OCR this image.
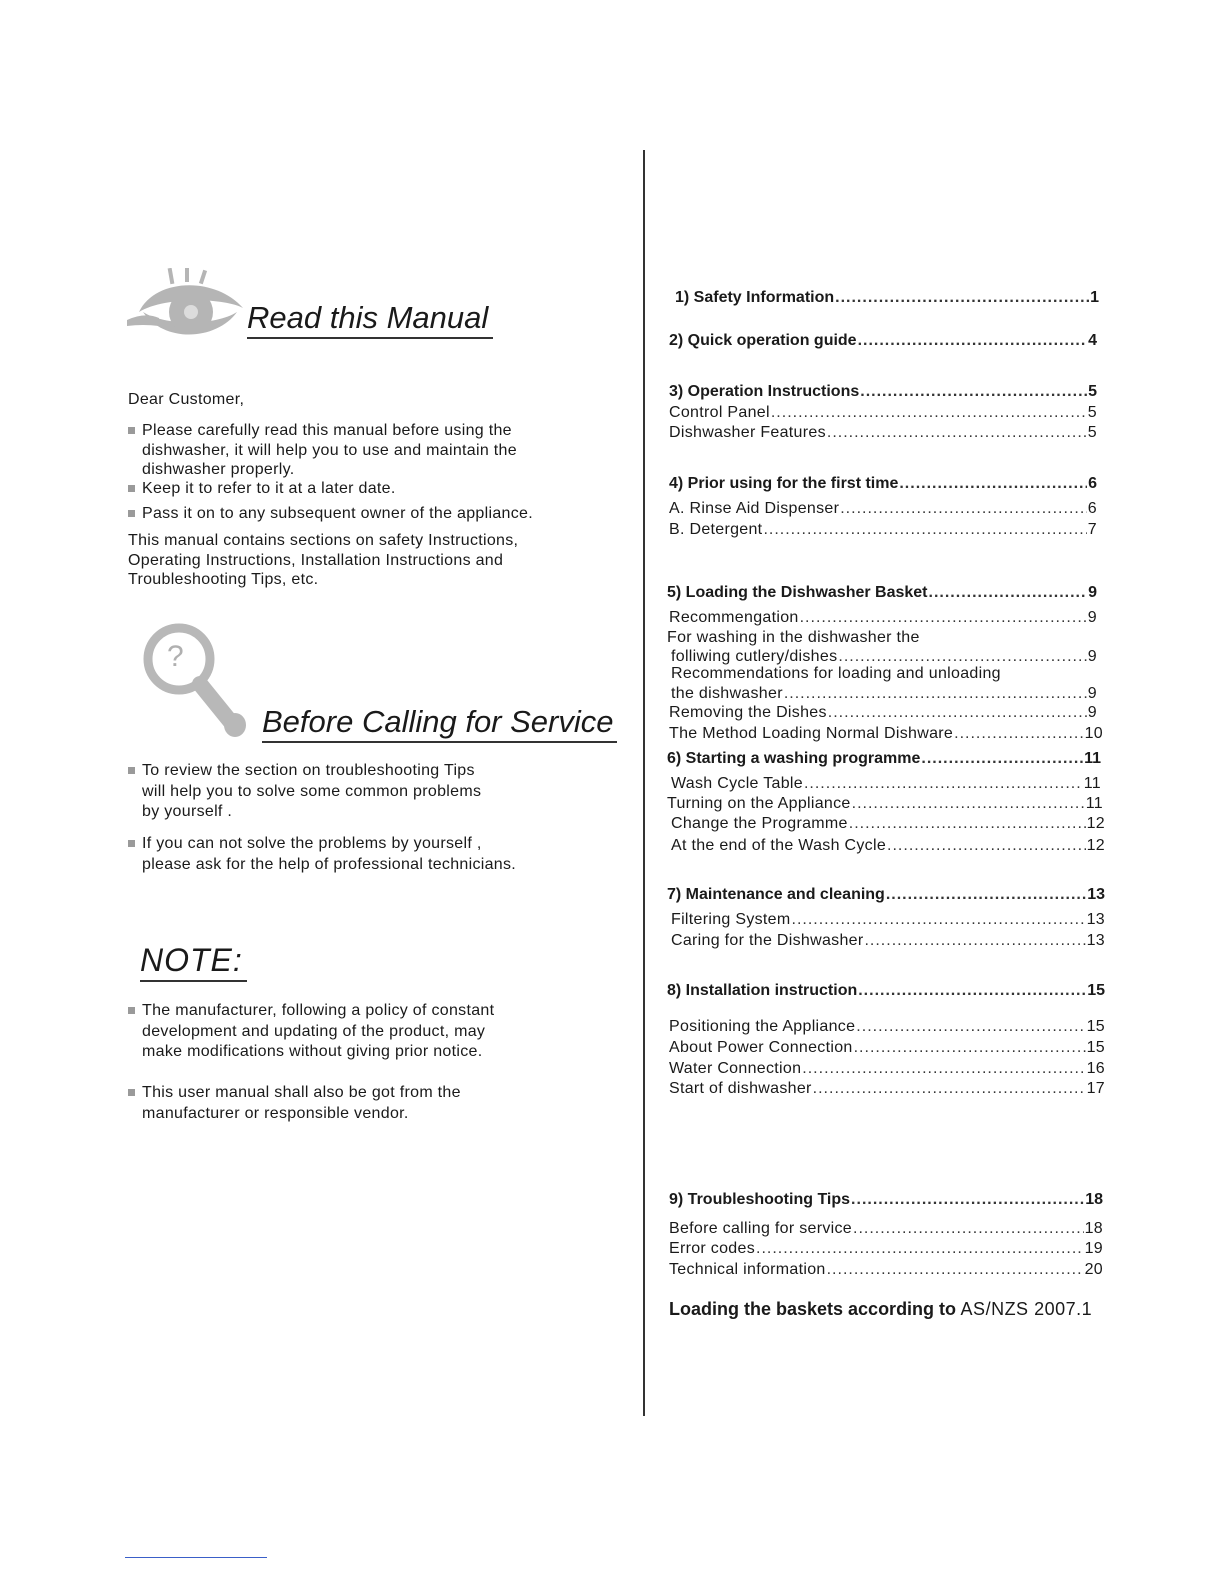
Read this Manual
Dear Customer,
Please carefully read this manual before using the
dishwasher, it will help you to use and maintain the
dishwasher properly.
Keep it to refer to it at a later date.
Pass it on to any subsequent owner of the appliance.
This manual contains sections on safety Instructions,
Operating Instructions, Installation Instructions and
Troubleshooting Tips, etc.
?
Before Calling for Service
To review the section on troubleshooting Tips
will help you to solve some common problems
by yourself .
If you can not solve the problems by yourself ,
please ask for the help of professional technicians.
NOTE:
The manufacturer, following a policy of constant
development and updating of the product, may
make modifications without giving prior notice.
This user manual shall also be got from the
manufacturer or responsible vendor.
1) Safety Information .....	1
2) Quick operation guide .....	4
3) Operation Instructions .....	5
Control Panel .....	5
Dishwasher Features .....	5
4) Prior using for the first time .....	6
A. Rinse Aid Dispenser .....	6
B. Detergent .....	7
5) Loading the Dishwasher Basket .....	9
Recommengation .....	9
For washing in the dishwasher the
folliwing cutlery/dishes .....	9
Recommendations for loading and unloading
the dishwasher .....	9
Removing the Dishes .....	9
The Method Loading Normal Dishware .....	10
6) Starting a washing programme .....	11
Wash Cycle Table .....	11
Turning on the Appliance .....	11
Change the Programme .....	12
At the end of the Wash Cycle .....	12
7) Maintenance and cleaning .....	13
Filtering System .....	13
Caring for the Dishwasher .....	13
8) Installation instruction .....	15
Positioning the Appliance .....	15
About Power Connection .....	15
Water Connection .....	16
Start of dishwasher .....	17
9) Troubleshooting Tips .....	18
Before calling for service .....	18
Error codes .....	19
Technical information .....	20
Loading the baskets according to AS/NZS 2007.1
